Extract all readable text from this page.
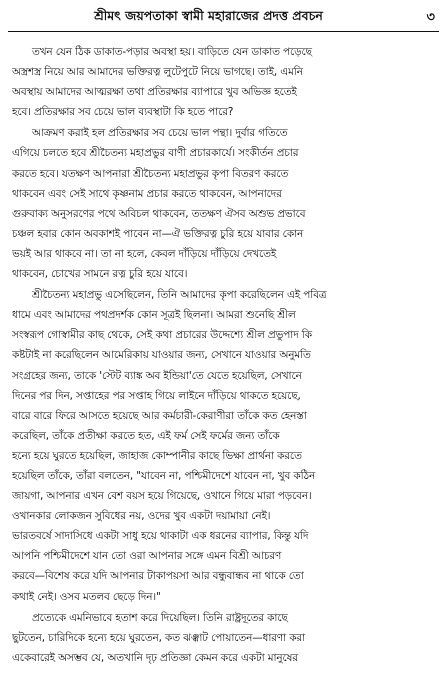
শ্রীমৎ জয়পতাকা স্বামী মহারাজের প্রদত্ত প্রবচন	৩
তখন যেন ঠিক ডাকাত-পড়ার অবস্থা হয়। বাড়িতে যেন ডাকাত পড়েছে
অস্ত্রশস্ত্র নিয়ে আর আমাদের ভক্তিরত্ন লুটেপুটে নিয়ে ভাগছে। তাই, এমনি
অবস্থায় আমাদের আত্মরক্ষা তথা প্রতিরক্ষার ব্যাপারে খুব অভিজ্ঞ হতেই
হবে। প্রতিরক্ষার সব চেয়ে ভাল ব্যবস্থাটা কি হতে পারে?
আক্রমণ করাই হল প্রতিরক্ষার সব চেয়ে ভাল পন্থা। দুর্বার গতিতে
এগিয়ে চলতে হবে শ্রীচৈতন্য মহাপ্রভুর বাণী প্রচারকার্যে। সংকীর্তন প্রচার
করতে হবে। যতক্ষণ আপনারা শ্রীচৈতন্য মহাপ্রভুর কৃপা বিতরণ করতে
থাকবেন এবং সেই সাথে কৃষ্ণনাম প্রচার করতে থাকবেন, আপনাদের
গুরুবাক্য অনুসরণের পথে অবিচল থাকবেন, ততক্ষণ ঐসব অশুভ প্রভাবে
চঞ্চল হবার কোন অবকাশই পাবেন না—ঐ ভক্তিরত্ন চুরি হয়ে যাবার কোন
ভয়ই আর থাকবে না। তা না হলে, কেবল দাঁড়িয়ে দাঁড়িয়ে দেখতেই
থাকবেন, চোখের সামনে রত্ন চুরি হয়ে যাবে।
শ্রীচৈতন্য মহাপ্রভু এসেছিলেন, তিনি আমাদের কৃপা করেছিলেন এই পবিত্র
ধামে এবং আমাদের পথপ্রদর্শক কোন সূত্রই ছিলনা। আমরা শুনেছি শ্রীল
সংস্বরূপ গোস্বামীর কাছ থেকে, সেই কথা প্রচারের উদ্দেশ্যে শ্রীল প্রভুপাদ কি
কষ্টটাই না করেছিলেন আমেরিকায় যাওয়ার জন্য, সেখানে যাওয়ার অনুমতি
সংগ্রহের জন্য, তাকে 'স্টেট ব্যাঙ্ক অব ইন্ডিয়া'তে যেতে হয়েছিল, সেখানে
দিনের পর দিন, সপ্তাহের পর সপ্তাহ গিয়ে লাইনে দাঁড়িয়ে থাকতে হয়েছে,
বারে বারে ফিরে আসতে হয়েছে আর কর্মচারী-কেরাণীরা তাঁকে কত হেনস্তা
করেছিল, তাঁকে প্রতীক্ষা করতে হত, এই ফর্ম সেই ফর্মের জন্য তাঁকে
হন্যে হয়ে ঘুরতে হয়েছিল, জাহাজ কোম্পানীর কাছে ভিক্ষা প্রার্থনা করতে
হয়েছিল তাঁকে, তাঁরা বলতেন, "যাবেন না, পশ্চিমীদেশে যাবেন না, খুব কঠিন
জায়গা, আপনার এখন বেশ বয়স হয়ে গিয়েছে, ওখানে গিয়ে মারা পড়বেন।
ওখানকার লোকজন সুবিধের নয়, ওদের খুব একটা দয়ামায়া নেই।
ভারতবর্ষে সাদাসিধে একটা সাধু হয়ে থাকাটা এক ধরনের ব্যাপার, কিন্তু যদি
আপনি পশ্চিমীদেশে যান তো ওরা আপনার সঙ্গে এমন বিশ্রী আচরণ
করবে—বিশেষ করে যদি আপনার টাকাপয়সা আর বন্ধুবান্ধব না থাকে তো
কথাই নেই। ওসব মতলব ছেড়ে দিন।"
প্রত্যেকে এমনিভাবে হতাশ করে দিয়েছিল। তিনি রাষ্ট্রদূতের কাছে
ছুটতেন, চারিদিকে হন্যে হয়ে ঘুরতেন, কত ঝঞ্ঝাট পোয়াতেন—ধারণা করা
একেবারেই অসম্ভব যে, অতখানি দৃঢ় প্রতিজ্ঞা কেমন করে একটা মানুষের
